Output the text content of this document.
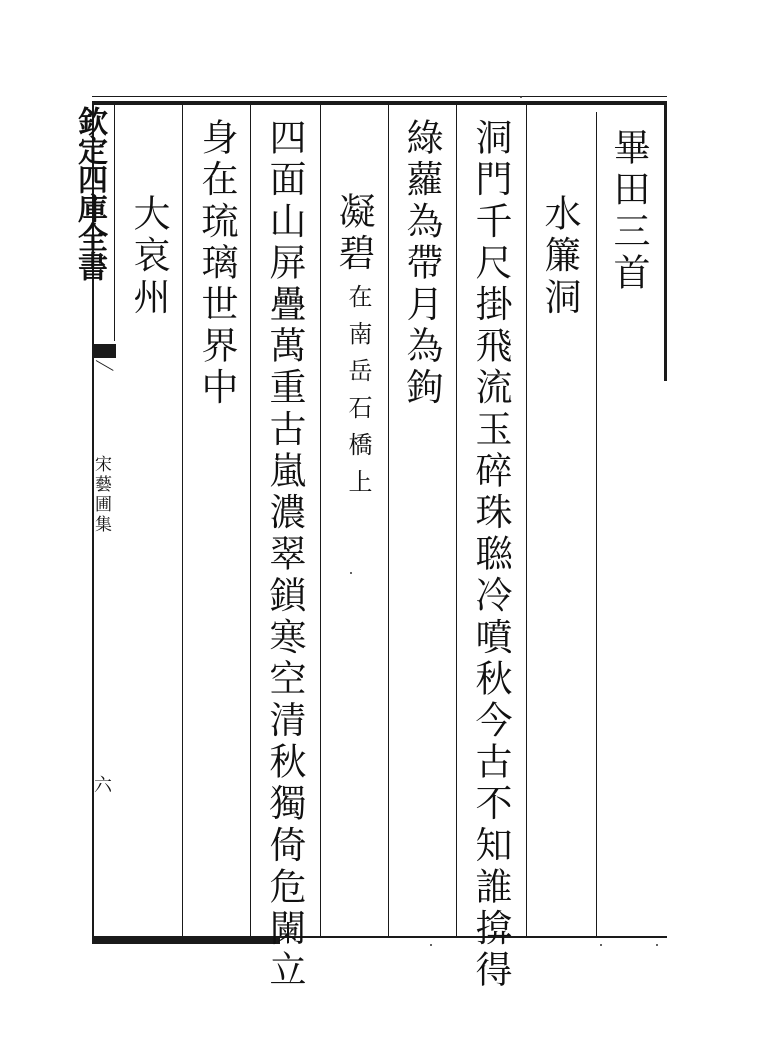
欽定四庫全書
宋藝圃集
六
畢田三首
水簾洞
洞門千尺掛飛流玉碎珠聮冷噴秋今古不知誰揜得
綠蘿為帶月為鉤
凝碧
在南岳石橋上
四面山屏疊萬重古嵐濃翠鎖寒空清秋獨倚危闌立
身在琉璃世界中
大哀州
